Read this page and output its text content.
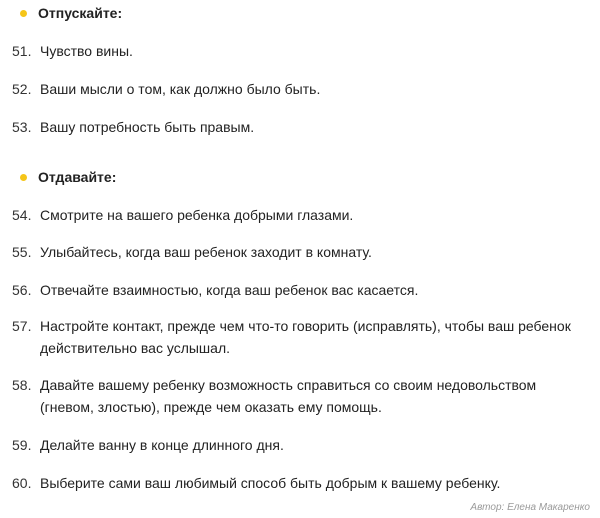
Отпускайте:
51. Чувство вины.
52. Ваши мысли о том, как должно было быть.
53. Вашу потребность быть правым.
Отдавайте:
54. Смотрите на вашего ребенка добрыми глазами.
55. Улыбайтесь, когда ваш ребенок заходит в комнату.
56. Отвечайте взаимностью, когда ваш ребенок вас касается.
57. Настройте контакт, прежде чем что-то говорить (исправлять), чтобы ваш ребенок действительно вас услышал.
58. Давайте вашему ребенку возможность справиться со своим недовольством (гневом, злостью), прежде чем оказать ему помощь.
59. Делайте ванну в конце длинного дня.
60. Выберите сами ваш любимый способ быть добрым к вашему ребенку.
Автор: Елена Макаренко
